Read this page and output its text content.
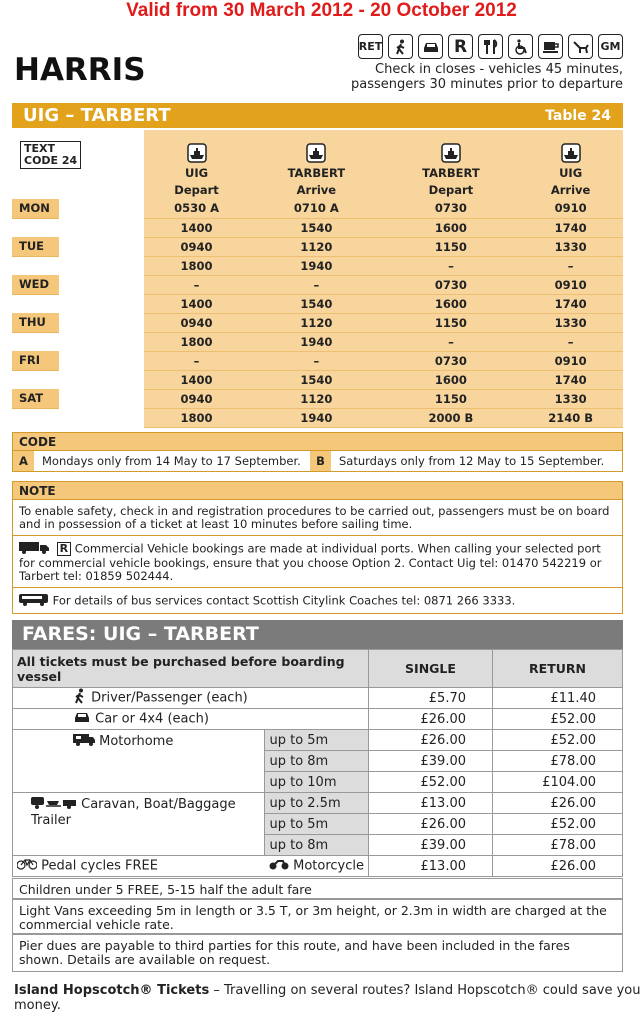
Valid from 30 March 2012 - 20 October 2012
HARRIS
RET	R	GM
Check in closes - vehicles 45 minutes,
passengers 30 minutes prior to departure
UIG – TARBERT	Table 24
TEXT
CODE 24		UIG	TARBERT	TARBERT	UIG

		Depart	Arrive	Depart	Arrive
MON		0530 A	0710 A	0730	0910
		1400	1540	1600	1740
TUE		0940	1120	1150	1330
		1800	1940	–	–
WED		–	–	0730	0910
		1400	1540	1600	1740
THU		0940	1120	1150	1330
		1800	1940	–	–
FRI		–	–	0730	0910
		1400	1540	1600	1740
SAT		0940	1120	1150	1330
		1800	1940	2000 B	2140 B
CODE
A	Mondays only from 14 May to 17 September.	B	Saturdays only from 12 May to 15 September.
NOTE

To enable safety, check in and registration procedures to be carried out, passengers must be on board and in possession of a ticket at least 10 minutes before sailing time.

R Commercial Vehicle bookings are made at individual ports. When calling your selected port for commercial vehicle bookings, ensure that you choose Option 2. Contact Uig tel: 01470 542219 or Tarbert tel: 01859 502444.

For details of bus services contact Scottish Citylink Coaches tel: 0871 266 3333.

FARES: UIG – TARBERT
All tickets must be purchased before boarding vessel		SINGLE	RETURN
Driver/Passenger (each)		£5.70	£11.40
Car or 4x4 (each)		£26.00	£52.00
Motorhome	up to 5m	£26.00	£52.00
	up to 8m	£39.00	£78.00
	up to 10m	£52.00	£104.00
Caravan, Boat/Baggage Trailer	up to 2.5m	£13.00	£26.00
	up to 5m	£26.00	£52.00
	up to 8m	£39.00	£78.00
Pedal cycles FREE	Motorcycle	£13.00	£26.00
Children under 5 FREE, 5-15 half the adult fare
Light Vans exceeding 5m in length or 3.5 T, or 3m height, or 2.3m in width are charged at the commercial vehicle rate.
Pier dues are payable to third parties for this route, and have been included in the fares shown. Details are available on request.
Island Hopscotch® Tickets – Travelling on several routes? Island Hopscotch® could save you money.
